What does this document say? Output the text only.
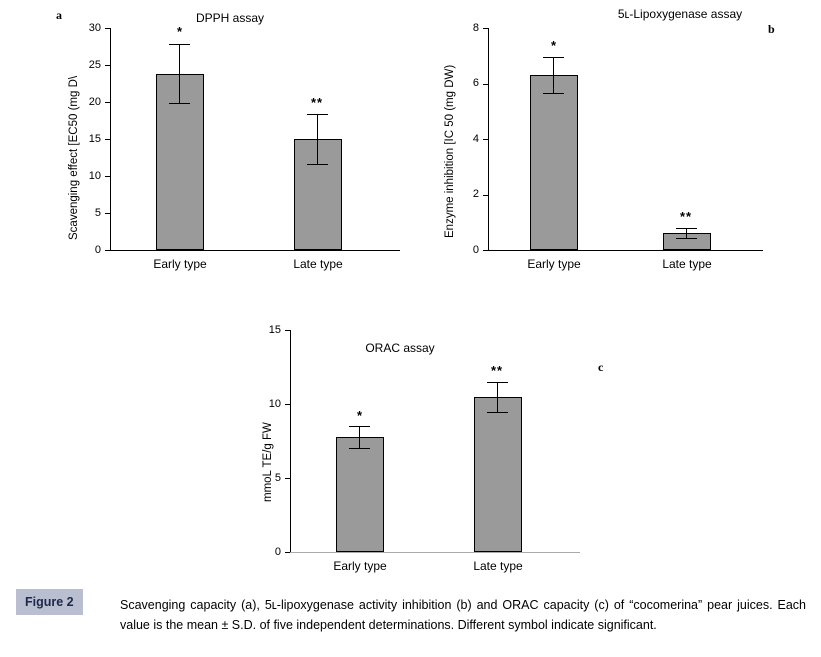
a	DPPH assay
Scavenging effect [EC50 (mg D\
30
25
20
15
10
5
0
*
**
Early type	Late type
b
5ʟ-Lipoxygenase assay
Enzyme inhibition [IC 50 (mg DW)
8
6
4
2
0
*
**
Early type	Late type
c
ORAC assay
mmoL TE/g FW
15
10
5
0
*
**
Early type	Late type
Figure 2	Scavenging capacity (a), 5ʟ-lipoxygenase activity inhibition (b) and ORAC capacity (c) of “cocomerina” pear juices. Each value is the mean ± S.D. of five independent determinations. Different symbol indicate significant.
